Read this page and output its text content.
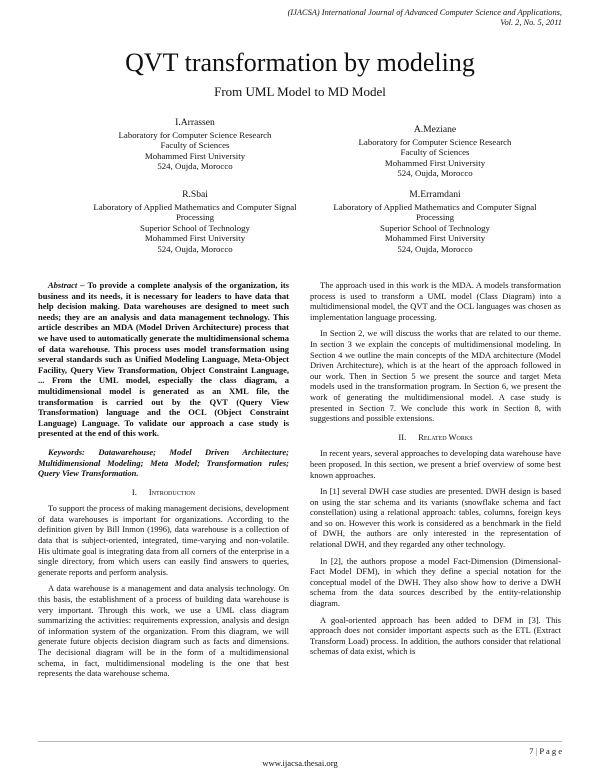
(IJACSA) International Journal of Advanced Computer Science and Applications,
Vol. 2, No. 5, 2011
QVT transformation by modeling
From UML Model to MD Model
I.Arrassen
Laboratory for Computer Science Research
Faculty of Sciences
Mohammed First University
524, Oujda, Morocco
A.Meziane
Laboratory for Computer Science Research
Faculty of Sciences
Mohammed First University
524, Oujda, Morocco
R.Sbai
Laboratory of Applied Mathematics and Computer Signal
Processing
Superior School of Technology
Mohammed First University
524, Oujda, Morocco
M.Erramdani
Laboratory of Applied Mathematics and Computer Signal
Processing
Superior School of Technology
Mohammed First University
524, Oujda, Morocco
Abstract – To provide a complete analysis of the organization, its business and its needs, it is necessary for leaders to have data that help decision making. Data warehouses are designed to meet such needs; they are an analysis and data management technology. This article describes an MDA (Model Driven Architecture) process that we have used to automatically generate the multidimensional schema of data warehouse. This process uses model transformation using several standards such as Unified Modeling Language, Meta-Object Facility, Query View Transformation, Object Constraint Language, ... From the UML model, especially the class diagram, a multidimensional model is generated as an XML file, the transformation is carried out by the QVT (Query View Transformation) language and the OCL (Object Constraint Language) Language. To validate our approach a case study is presented at the end of this work.
Keywords: Datawarehouse; Model Driven Architecture; Multidimensional Modeling; Meta Model; Transformation rules; Query View Transformation.
I. Introduction

To support the process of making management decisions, development of data warehouses is important for organizations. According to the definition given by Bill Inmon (1996), data warehouse is a collection of data that is subject-oriented, integrated, time-varying and non-volatile. His ultimate goal is integrating data from all corners of the enterprise in a single directory, from which users can easily find answers to queries, generate reports and perform analysis.

A data warehouse is a management and data analysis technology. On this basis, the establishment of a process of building data warehouse is very important. Through this work, we use a UML class diagram summarizing the activities: requirements expression, analysis and design of information system of the organization. From this diagram, we will generate future objects decision diagram such as facts and dimensions. The decisional diagram will be in the form of a multidimensional schema, in fact, multidimensional modeling is the one that best represents the data warehouse schema.

The approach used in this work is the MDA. A models transformation process is used to transform a UML model (Class Diagram) into a multidimensional model, the QVT and the OCL languages was chosen as implementation language processing.

In Section 2, we will discuss the works that are related to our theme. In section 3 we explain the concepts of multidimensional modeling. In Section 4 we outline the main concepts of the MDA architecture (Model Driven Architecture), which is at the heart of the approach followed in our work. Then in Section 5 we present the source and target Meta models used in the transformation program. In Section 6, we present the work of generating the multidimensional model. A case study is presented in Section 7. We conclude this work in Section 8, with suggestions and possible extensions.

II. Related Works

In recent years, several approaches to developing data warehouse have been proposed. In this section, we present a brief overview of some best known approaches.

In [1] several DWH case studies are presented. DWH design is based on using the star schema and its variants (snowflake schema and fact constellation) using a relational approach: tables, columns, foreign keys and so on. However this work is considered as a benchmark in the field of DWH, the authors are only interested in the representation of relational DWH, and they regarded any other technology.

In [2], the authors propose a model Fact-Dimension (Dimensional-Fact Model DFM), in which they define a special notation for the conceptual model of the DWH. They also show how to derive a DWH schema from the data sources described by the entity-relationship diagram.

A goal-oriented approach has been added to DFM in [3]. This approach does not consider important aspects such as the ETL (Extract Transform Load) process. In addition, the authors consider that relational schemas of data exist, which is

7 | P a g e
www.ijacsa.thesai.org
